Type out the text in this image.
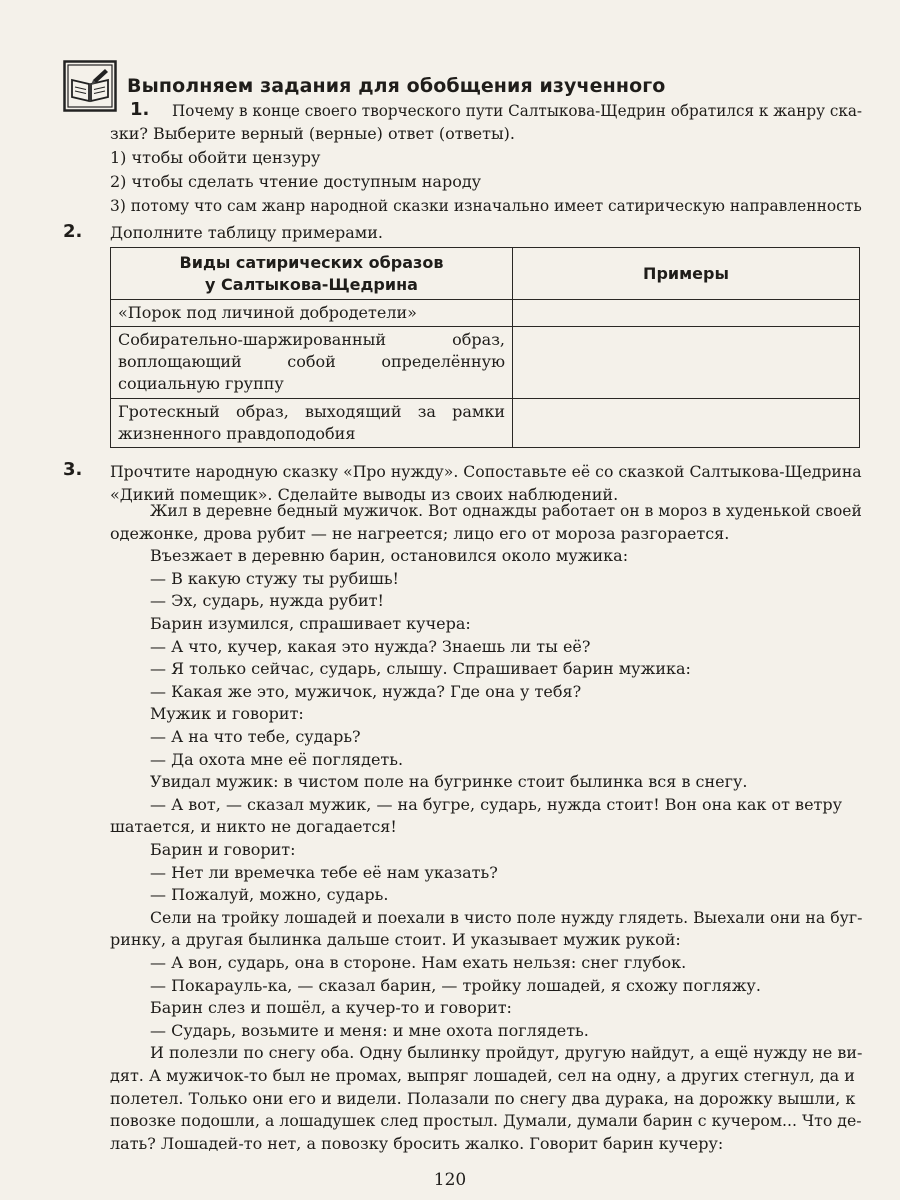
Выполняем задания для обобщения изученного
1. Почему в конце своего творческого пути Салтыкова-Щедрин обратился к жанру ска-
зки? Выберите верный (верные) ответ (ответы).
1) чтобы обойти цензуру
2) чтобы сделать чтение доступным народу
3) потому что сам жанр народной сказки изначально имеет сатирическую направленность
2. Дополните таблицу примерами.
Виды сатирических образов
у Салтыкова-Щедрина	Примеры
«Порок под личиной добродетели»	
Собирательно-шаржированный образ, воплощающий собой определённую социальную группу	
Гротескный образ, выходящий за рамки жизненного правдоподобия	
3. Прочтите народную сказку «Про нужду». Сопоставьте её со сказкой Салтыкова-Щедрина
«Дикий помещик». Сделайте выводы из своих наблюдений.
Жил в деревне бедный мужичок. Вот однажды работает он в мороз в худенькой своей
одежонке, дрова рубит — не нагреется; лицо его от мороза разгорается.
Въезжает в деревню барин, остановился около мужика:
— В какую стужу ты рубишь!
— Эх, сударь, нужда рубит!
Барин изумился, спрашивает кучера:
— А что, кучер, какая это нужда? Знаешь ли ты её?
— Я только сейчас, сударь, слышу. Спрашивает барин мужика:
— Какая же это, мужичок, нужда? Где она у тебя?
Мужик и говорит:
— А на что тебе, сударь?
— Да охота мне её поглядеть.
Увидал мужик: в чистом поле на бугринке стоит былинка вся в снегу.
— А вот, — сказал мужик, — на бугре, сударь, нужда стоит! Вон она как от ветру
шатается, и никто не догадается!
Барин и говорит:
— Нет ли времечка тебе её нам указать?
— Пожалуй, можно, сударь.
Сели на тройку лошадей и поехали в чисто поле нужду глядеть. Выехали они на буг-
ринку, а другая былинка дальше стоит. И указывает мужик рукой:
— А вон, сударь, она в стороне. Нам ехать нельзя: снег глубок.
— Покарауль-ка, — сказал барин, — тройку лошадей, я схожу погляжу.
Барин слез и пошёл, а кучер-то и говорит:
— Сударь, возьмите и меня: и мне охота поглядеть.
И полезли по снегу оба. Одну былинку пройдут, другую найдут, а ещё нужду не ви-
дят. А мужичок-то был не промах, выпряг лошадей, сел на одну, а других стегнул, да и
полетел. Только они его и видели. Полазали по снегу два дурака, на дорожку вышли, к
повозке подошли, а лошадушек след простыл. Думали, думали барин с кучером... Что де-
лать? Лошадей-то нет, а повозку бросить жалко. Говорит барин кучеру:
120
